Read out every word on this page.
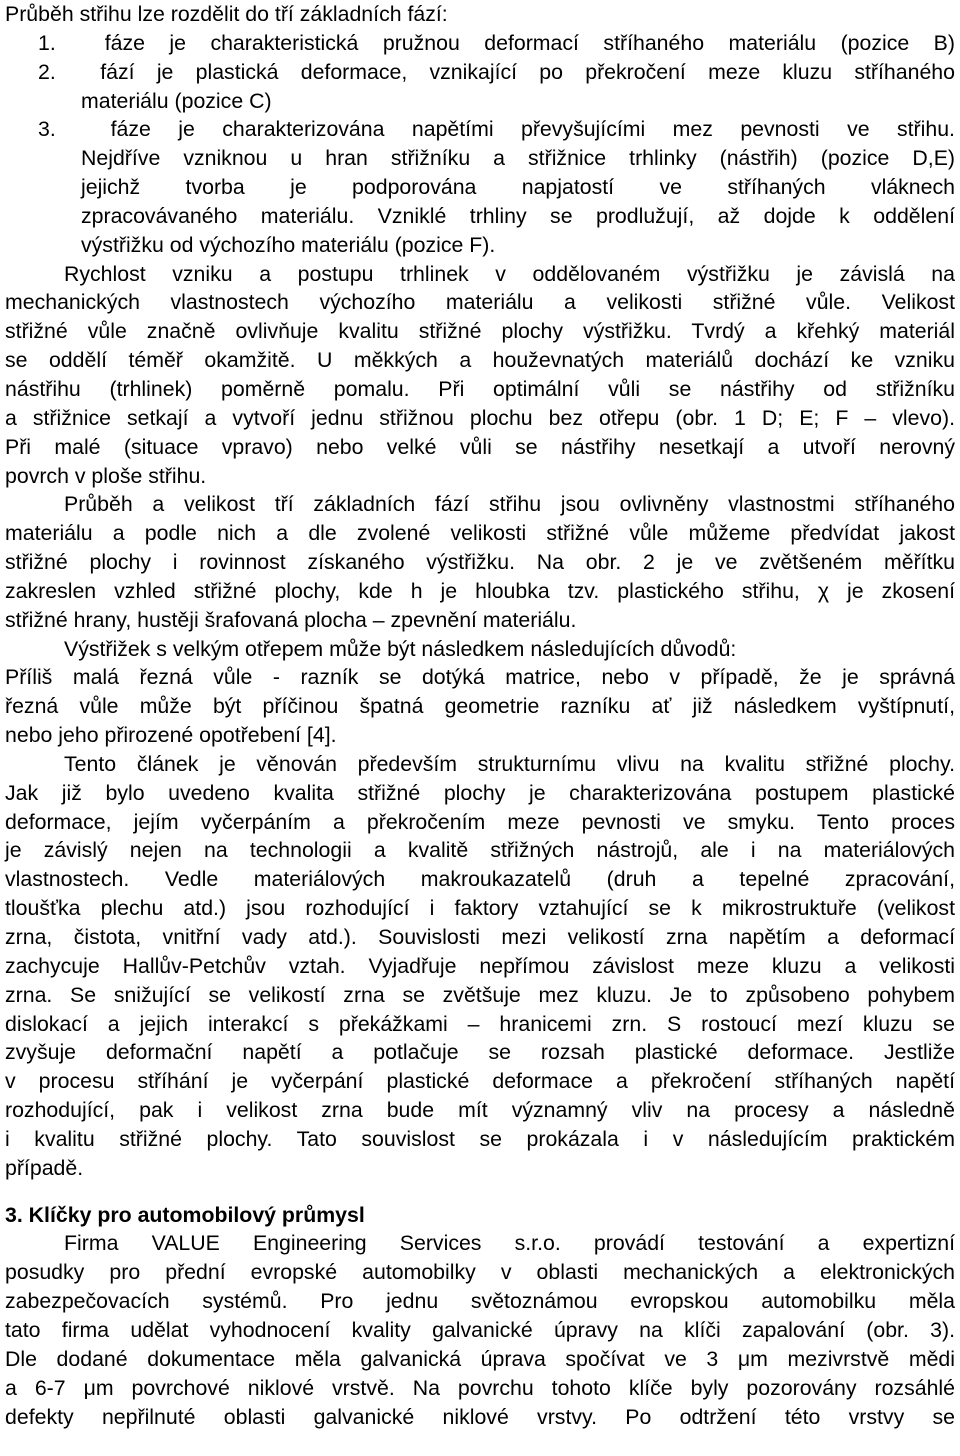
Průběh střihu lze rozdělit do tří základních fází:
1. fáze je charakteristická pružnou deformací stříhaného materiálu (pozice B)
2. fází je plastická deformace, vznikající po překročení meze kluzu stříhaného
materiálu (pozice C)
3.	fáze je charakterizována napětími převyšujícími mez pevnosti ve střihu.
Nejdříve vzniknou u hran střižníku a střižnice trhlinky (nástřih) (pozice D,E)
jejichž tvorba je podporována napjatostí ve stříhaných vláknech
zpracovávaného materiálu. Vzniklé trhliny se prodlužují, až dojde k oddělení
výstřižku od výchozího materiálu (pozice F).
Rychlost vzniku a postupu trhlinek v oddělovaném výstřižku je závislá na
mechanických vlastnostech výchozího materiálu a velikosti střižné vůle. Velikost
střižné vůle značně ovlivňuje kvalitu střižné plochy výstřižku. Tvrdý a křehký materiál
se oddělí téměř okamžitě. U měkkých a houževnatých materiálů dochází ke vzniku
nástřihu (trhlinek) poměrně pomalu. Při optimální vůli se nástřihy od střižníku
a střižnice setkají a vytvoří jednu střižnou plochu bez otřepu (obr. 1 D; E; F – vlevo).
Při malé (situace vpravo) nebo velké vůli se nástřihy nesetkají a utvoří nerovný
povrch v ploše střihu.
Průběh a velikost tří základních fází střihu jsou ovlivněny vlastnostmi stříhaného
materiálu a podle nich a dle zvolené velikosti střižné vůle můžeme předvídat jakost
střižné plochy i rovinnost získaného výstřižku. Na obr. 2 je ve zvětšeném měřítku
zakreslen vzhled střižné plochy, kde h je hloubka tzv. plastického střihu, χ je zkosení
střižné hrany, hustěji šrafovaná plocha – zpevnění materiálu.
Výstřižek s velkým otřepem může být následkem následujících důvodů:
Příliš malá řezná vůle - razník se dotýká matrice, nebo v případě, že je správná
řezná vůle může být příčinou špatná geometrie razníku ať již následkem vyštípnutí,
nebo jeho přirozené opotřebení [4].
Tento článek je věnován především strukturnímu vlivu na kvalitu střižné plochy.
Jak již bylo uvedeno kvalita střižné plochy je charakterizována postupem plastické
deformace, jejím vyčerpáním a překročením meze pevnosti ve smyku. Tento proces
je závislý nejen na technologii a kvalitě střižných nástrojů, ale i na materiálových
vlastnostech. Vedle materiálových makroukazatelů (druh a tepelné zpracování,
tloušťka plechu atd.) jsou rozhodující i faktory vztahující se k mikrostruktuře (velikost
zrna, čistota, vnitřní vady atd.). Souvislosti mezi velikostí zrna napětím a deformací
zachycuje Hallův-Petchův vztah. Vyjadřuje nepřímou závislost meze kluzu a velikosti
zrna. Se snižující se velikostí zrna se zvětšuje mez kluzu. Je to způsobeno pohybem
dislokací a jejich interakcí s překážkami – hranicemi zrn. S rostoucí mezí kluzu se
zvyšuje deformační napětí a potlačuje se rozsah plastické deformace. Jestliže
v procesu stříhání je vyčerpání plastické deformace a překročení stříhaných napětí
rozhodující, pak i velikost zrna bude mít významný vliv na procesy a následně
i kvalitu střižné plochy. Tato souvislost se prokázala i v následujícím praktickém
případě.
3. Klíčky pro automobilový průmysl
Firma VALUE Engineering Services s.r.o. provádí testování a expertizní
posudky pro přední evropské automobilky v oblasti mechanických a elektronických
zabezpečovacích systémů. Pro jednu světoznámou evropskou automobilku měla
tato firma udělat vyhodnocení kvality galvanické úpravy na klíči zapalování (obr. 3).
Dle dodané dokumentace měla galvanická úprava spočívat ve 3 μm mezivrstvě mědi
a 6-7 μm povrchové niklové vrstvě. Na povrchu tohoto klíče byly pozorovány rozsáhlé
defekty nepřilnuté oblasti galvanické niklové vrstvy. Po odtržení této vrstvy se
